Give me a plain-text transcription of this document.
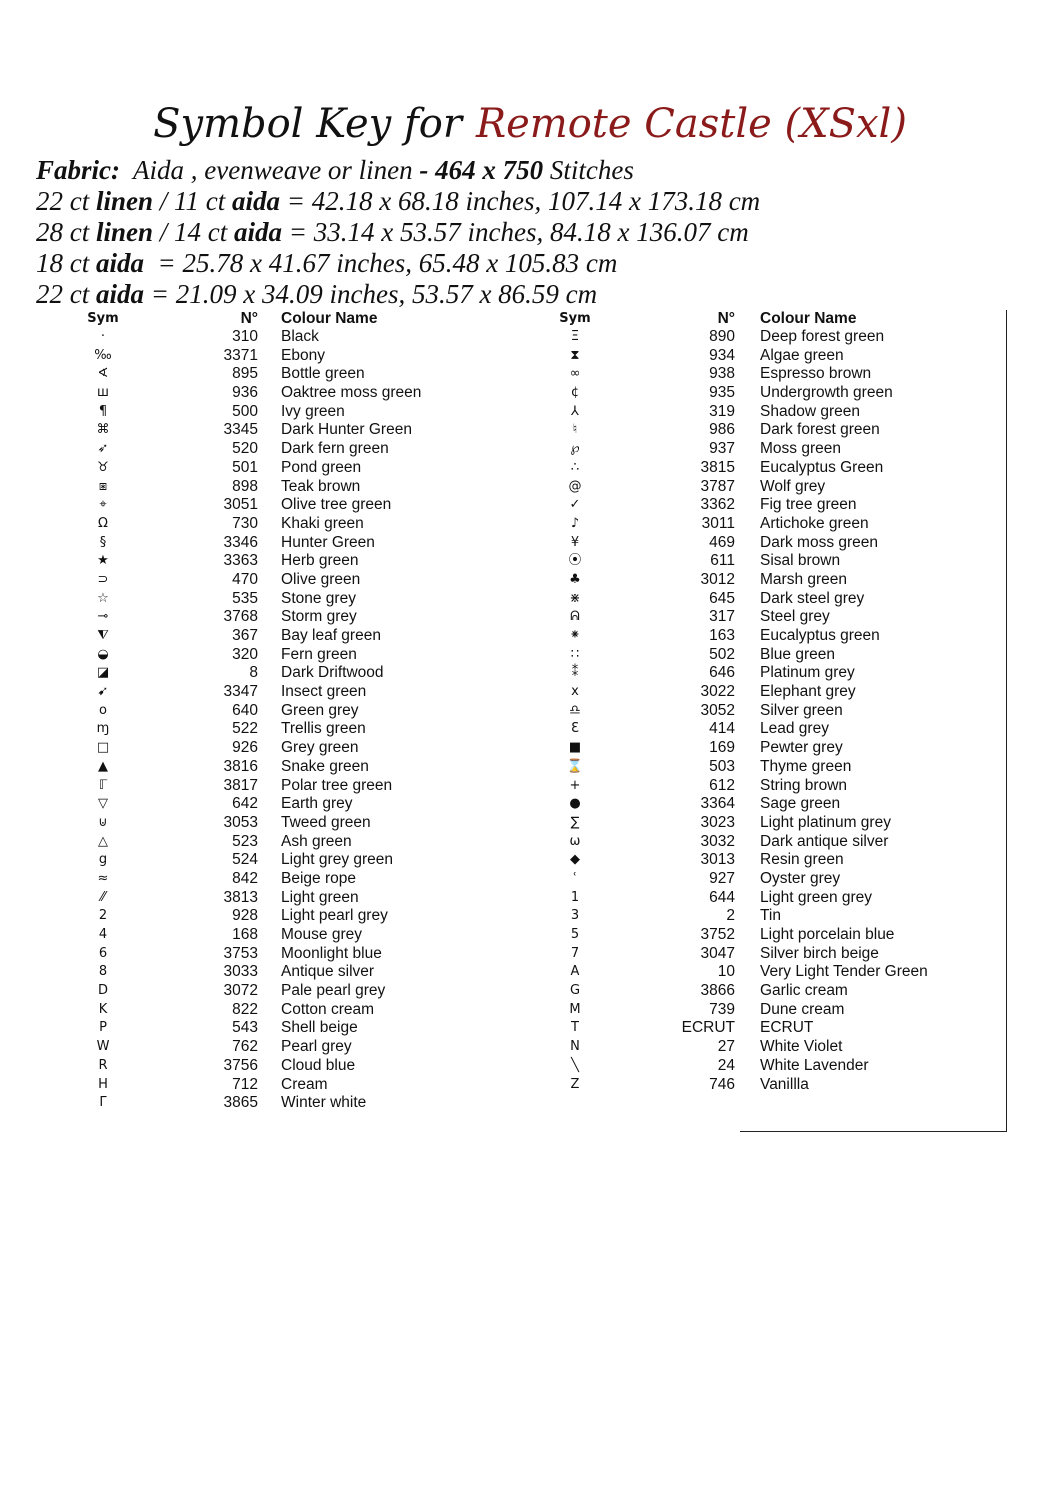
Symbol Key for Remote Castle (XSxl)
Fabric: Aida , evenweave or linen - 464 x 750 Stitches
22 ct linen / 11 ct aida = 42.18 x 68.18 inches, 107.14 x 173.18 cm
28 ct linen / 14 ct aida = 33.14 x 53.57 inches, 84.18 x 136.07 cm
18 ct aida = 25.78 x 41.67 inches, 65.48 x 105.83 cm
22 ct aida = 21.09 x 34.09 inches, 53.57 x 86.59 cm
Sym	N° Colour Name
·	310 Black
‰	3371 Ebony
∢	895 Bottle green
ш	936 Oaktree moss green
¶	500 Ivy green
⌘	3345 Dark Hunter Green
➶	520 Dark fern green
♉	501 Pond green
⧆	898 Teak brown
⌖	3051 Olive tree green
Ω	730 Khaki green
§	3346 Hunter Green
★	3363 Herb green
⊃	470 Olive green
☆	535 Stone grey
⊸	3768 Storm grey
⧨	367 Bay leaf green
◒	320 Fern green
◪	8 Dark Driftwood
➹	3347 Insect green
o	640 Green grey
ɱ	522 Trellis green
□	926 Grey green
▲	3816 Snake green
ℾ	3817 Polar tree green
▽	642 Earth grey
⊍	3053 Tweed green
△	523 Ash green
g	524 Light grey green
≈	842 Beige rope
⁄⁄	3813 Light green
2	928 Light pearl grey
4	168 Mouse grey
6	3753 Moonlight blue
8	3033 Antique silver
D	3072 Pale pearl grey
K	822 Cotton cream
P	543 Shell beige
W	762 Pearl grey
R	3756 Cloud blue
H	712 Cream
Γ	3865 Winter white
Sym	N° Colour Name
Ξ	890 Deep forest green
⧗	934 Algae green
∞	938 Espresso brown
¢	935 Undergrowth green
⅄	319 Shadow green
♮	986 Dark forest green
℘	937 Moss green
∴	3815 Eucalyptus Green
@	3787 Wolf grey
✓	3362 Fig tree green
♪	3011 Artichoke green
¥	469 Dark moss green
⦿	611 Sisal brown
♣	3012 Marsh green
⋇	645 Dark steel grey
ᕱ	317 Steel grey
⁕	163 Eucalyptus green
∷	502 Blue green
⁑	646 Platinum grey
x	3022 Elephant grey
♎	3052 Silver green
Ɛ	414 Lead grey
■	169 Pewter grey
⌛	503 Thyme green
+	612 String brown
●	3364 Sage green
∑	3023 Light platinum grey
ω	3032 Dark antique silver
◆	3013 Resin green
ʿ	927 Oyster grey
1	644 Light green grey
3	2 Tin
5	3752 Light porcelain blue
7	3047 Silver birch beige
A	10 Very Light Tender Green
G	3866 Garlic cream
M	739 Dune cream
T	ECRUT ECRUT
N	27 White Violet
╲	24 White Lavender
Z	746 Vanillla
